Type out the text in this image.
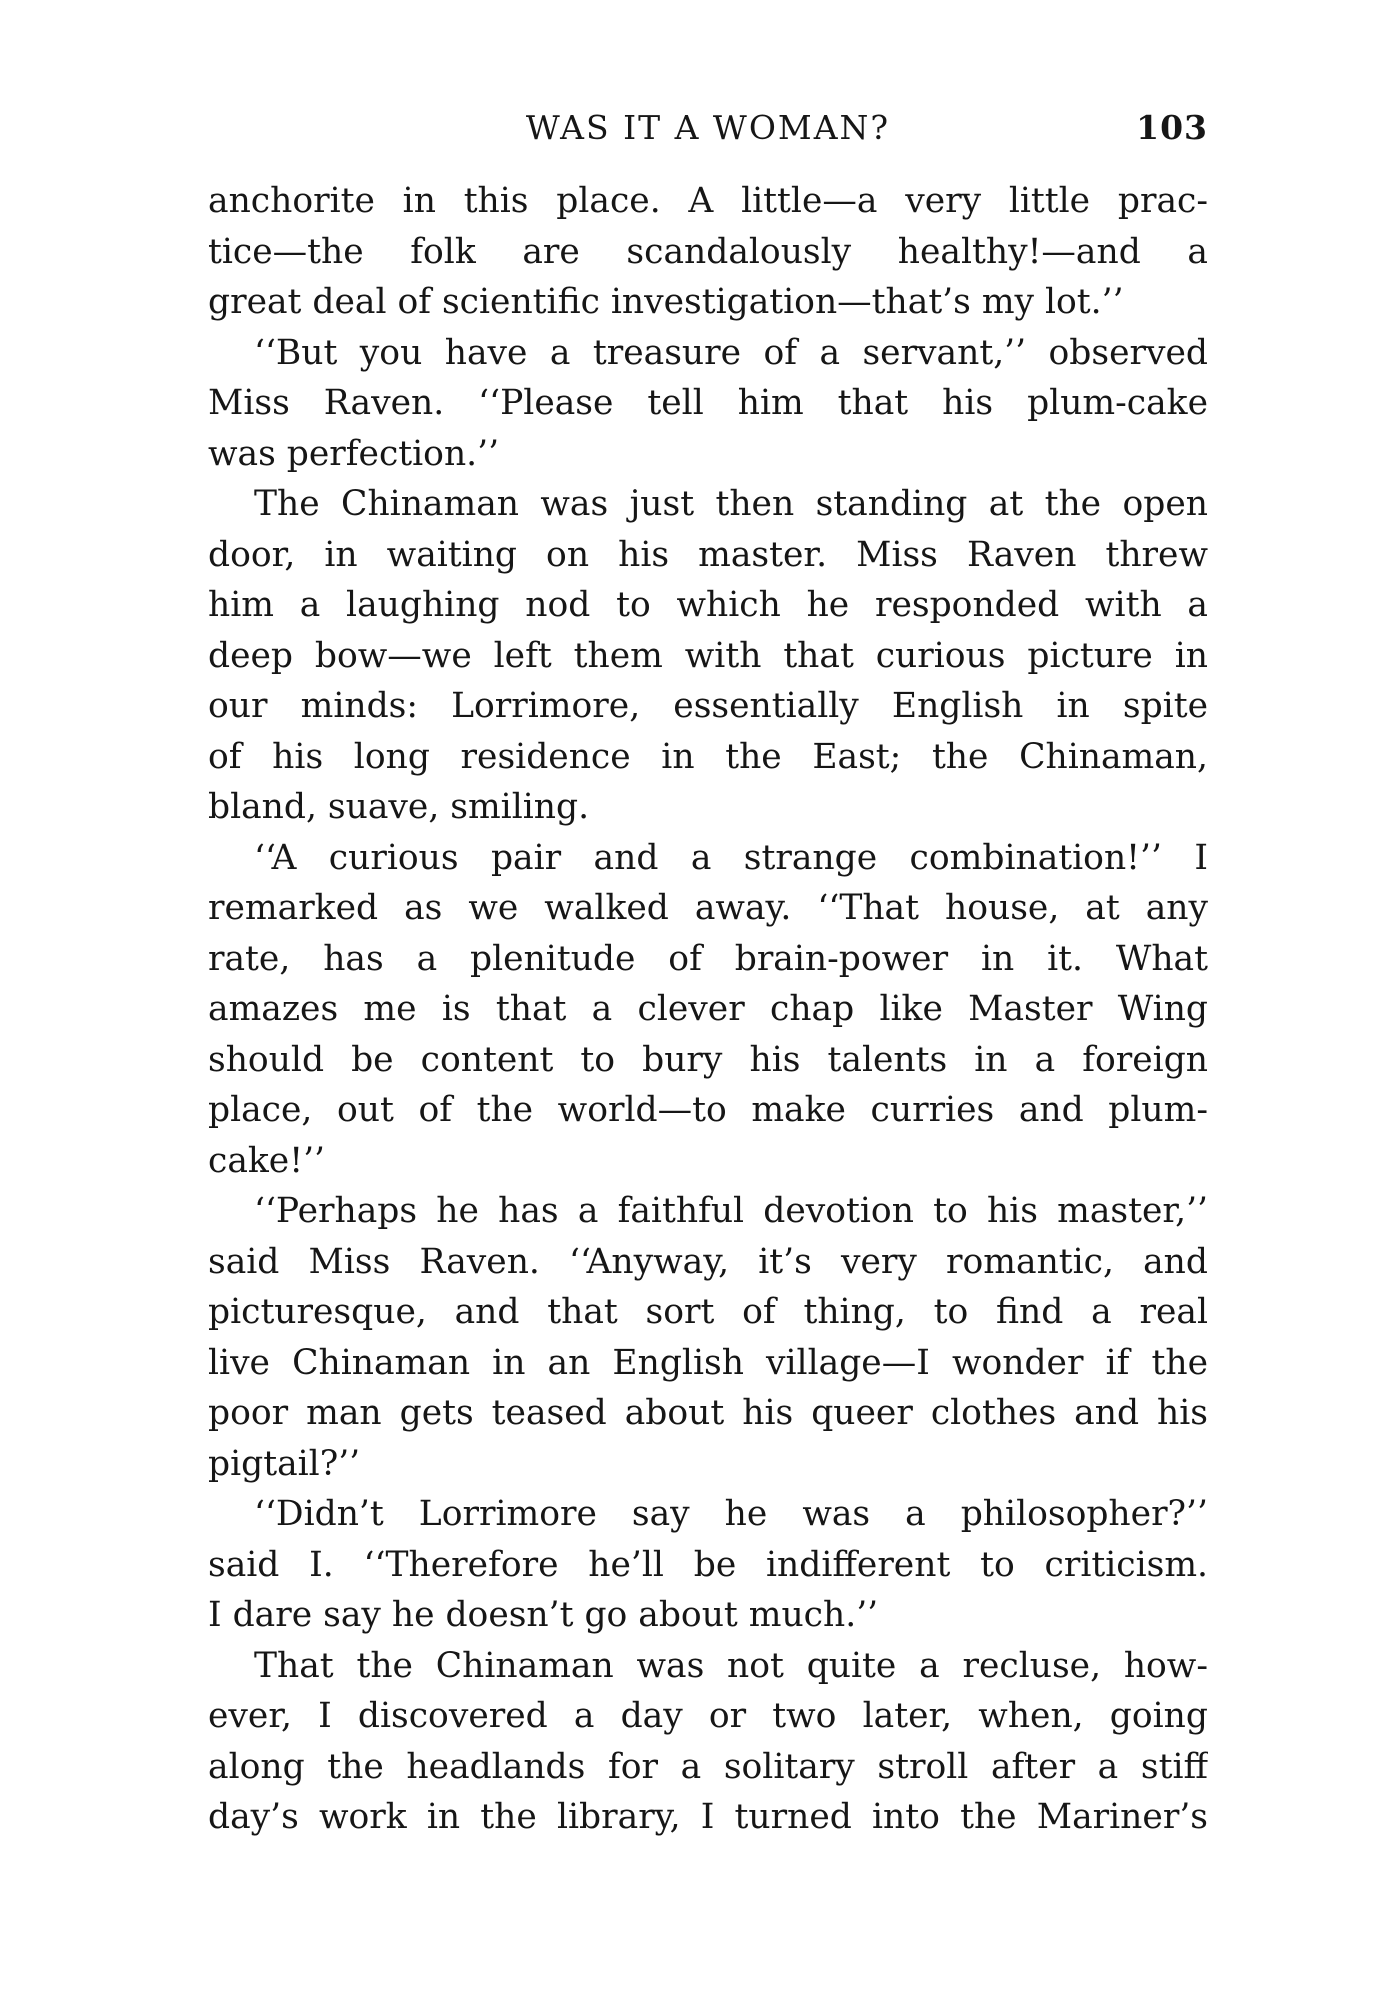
WAS IT A WOMAN?	103
anchorite in this place. A little—a very little prac-
tice—the folk are scandalously healthy!—and a
great deal of scientific investigation—that’s my lot.’’
‘‘But you have a treasure of a servant,’’ observed
Miss Raven. ‘‘Please tell him that his plum-cake
was perfection.’’
The Chinaman was just then standing at the open
door, in waiting on his master. Miss Raven threw
him a laughing nod to which he responded with a
deep bow—we left them with that curious picture in
our minds: Lorrimore, essentially English in spite
of his long residence in the East; the Chinaman,
bland, suave, smiling.
‘‘A curious pair and a strange combination!’’ I
remarked as we walked away. ‘‘That house, at any
rate, has a plenitude of brain-power in it. What
amazes me is that a clever chap like Master Wing
should be content to bury his talents in a foreign
place, out of the world—to make curries and plum-
cake!’’
‘‘Perhaps he has a faithful devotion to his master,’’
said Miss Raven. ‘‘Anyway, it’s very romantic, and
picturesque, and that sort of thing, to find a real
live Chinaman in an English village—I wonder if the
poor man gets teased about his queer clothes and his
pigtail?’’
‘‘Didn’t Lorrimore say he was a philosopher?’’
said I. ‘‘Therefore he’ll be indifferent to criticism.
I dare say he doesn’t go about much.’’
That the Chinaman was not quite a recluse, how-
ever, I discovered a day or two later, when, going
along the headlands for a solitary stroll after a stiff
day’s work in the library, I turned into the Mariner’s
